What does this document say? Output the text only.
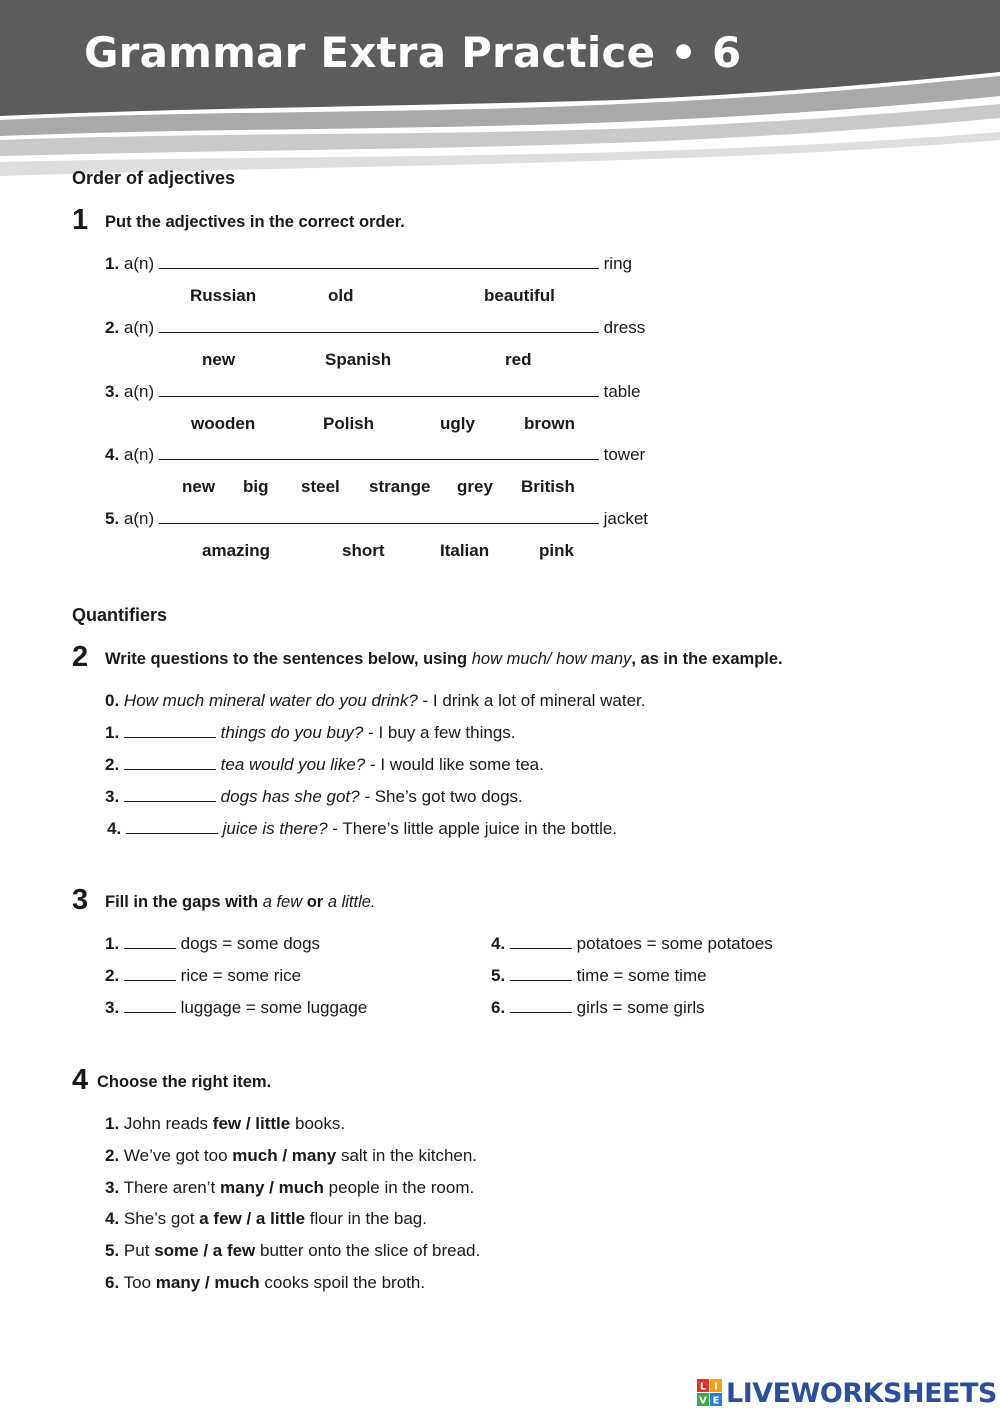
Grammar Extra Practice • 6
Order of adjectives
1 Put the adjectives in the correct order.
1. a(n)	ring
Russian	old	beautiful
2. a(n)	dress
new	Spanish	red
3. a(n)	table
wooden	Polish	ugly	brown
4. a(n)	tower
new big steel strange grey British
5. a(n)	jacket
amazing	short	Italian	pink
Quantifiers
2 Write questions to the sentences below, using how much/ how many, as in the example.
0. How much mineral water do you drink? - I drink a lot of mineral water.
1.	things do you buy? - I buy a few things.
2.	tea would you like? - I would like some tea.
3.	dogs has she got? - She’s got two dogs.
4.	juice is there? - There’s little apple juice in the bottle.
3 Fill in the gaps with a few or a little.
1.	dogs = some dogs
2.	rice = some rice
3.	luggage = some luggage
4.	potatoes = some potatoes
5.	time = some time
6.	girls = some girls
4 Choose the right item.
1. John reads few / little books.
2. We’ve got too much / many salt in the kitchen.
3. There aren’t many / much people in the room.
4. She’s got a few / a little flour in the bag.
5. Put some / a few butter onto the slice of bread.
6. Too many / much cooks spoil the broth.
L I
V E LIVEWORKSHEETS
